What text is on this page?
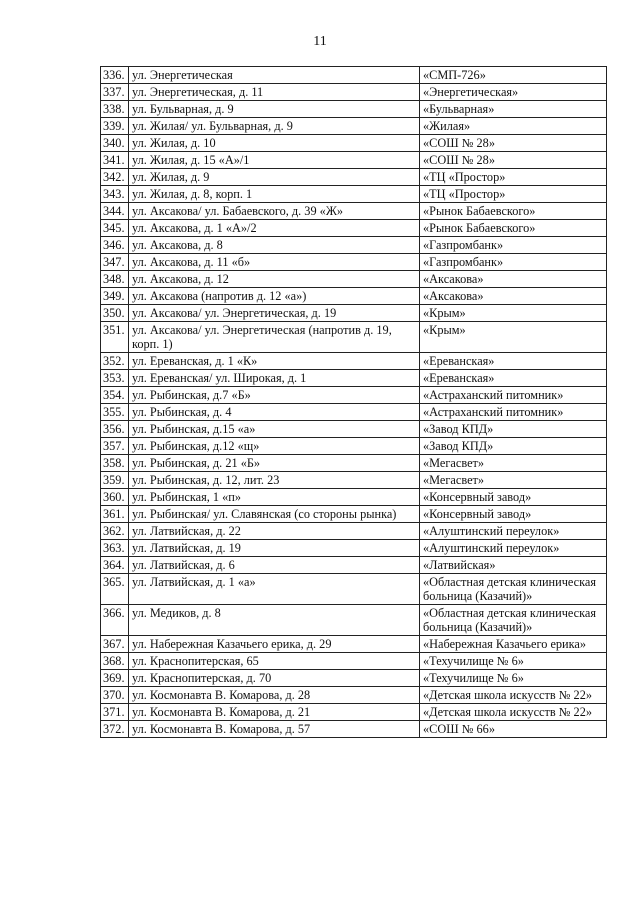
11
336.	ул. Энергетическая	«СМП-726»
337.	ул. Энергетическая, д. 11	«Энергетическая»
338.	ул. Бульварная, д. 9	«Бульварная»
339.	ул. Жилая/ ул. Бульварная, д. 9	«Жилая»
340.	ул. Жилая, д. 10	«СОШ № 28»
341.	ул. Жилая, д. 15 «А»/1	«СОШ № 28»
342.	ул. Жилая, д. 9	«ТЦ «Простор»
343.	ул. Жилая, д. 8, корп. 1	«ТЦ «Простор»
344.	ул. Аксакова/ ул. Бабаевского, д. 39 «Ж»	«Рынок Бабаевского»
345.	ул. Аксакова, д. 1 «А»/2	«Рынок Бабаевского»
346.	ул. Аксакова, д. 8	«Газпромбанк»
347.	ул. Аксакова, д. 11 «б»	«Газпромбанк»
348.	ул. Аксакова, д. 12	«Аксакова»
349.	ул. Аксакова (напротив д. 12 «а»)	«Аксакова»
350.	ул. Аксакова/ ул. Энергетическая, д. 19	«Крым»
351.	ул. Аксакова/ ул. Энергетическая (напротив д. 19, корп. 1)	«Крым»
352.	ул. Ереванская, д. 1 «К»	«Ереванская»
353.	ул. Ереванская/ ул. Широкая, д. 1	«Ереванская»
354.	ул. Рыбинская, д.7 «Б»	«Астраханский питомник»
355.	ул. Рыбинская, д. 4	«Астраханский питомник»
356.	ул. Рыбинская, д.15 «а»	«Завод КПД»
357.	ул. Рыбинская, д.12 «щ»	«Завод КПД»
358.	ул. Рыбинская, д. 21 «Б»	«Мегасвет»
359.	ул. Рыбинская, д. 12, лит. 23	«Мегасвет»
360.	ул. Рыбинская, 1 «п»	«Консервный завод»
361.	ул. Рыбинская/ ул. Славянская (со стороны рынка)	«Консервный завод»
362.	ул. Латвийская, д. 22	«Алуштинский переулок»
363.	ул. Латвийская, д. 19	«Алуштинский переулок»
364.	ул. Латвийская, д. 6	«Латвийская»
365.	ул. Латвийская, д. 1 «а»	«Областная детская клиническая больница (Казачий)»
366.	ул. Медиков, д. 8	«Областная детская клиническая больница (Казачий)»
367.	ул. Набережная Казачьего ерика, д. 29	«Набережная Казачьего ерика»
368.	ул. Краснопитерская, 65	«Техучилище № 6»
369.	ул. Краснопитерская, д. 70	«Техучилище № 6»
370.	ул. Космонавта В. Комарова, д. 28	«Детская школа искусств № 22»
371.	ул. Космонавта В. Комарова, д. 21	«Детская школа искусств № 22»
372.	ул. Космонавта В. Комарова, д. 57	«СОШ № 66»
